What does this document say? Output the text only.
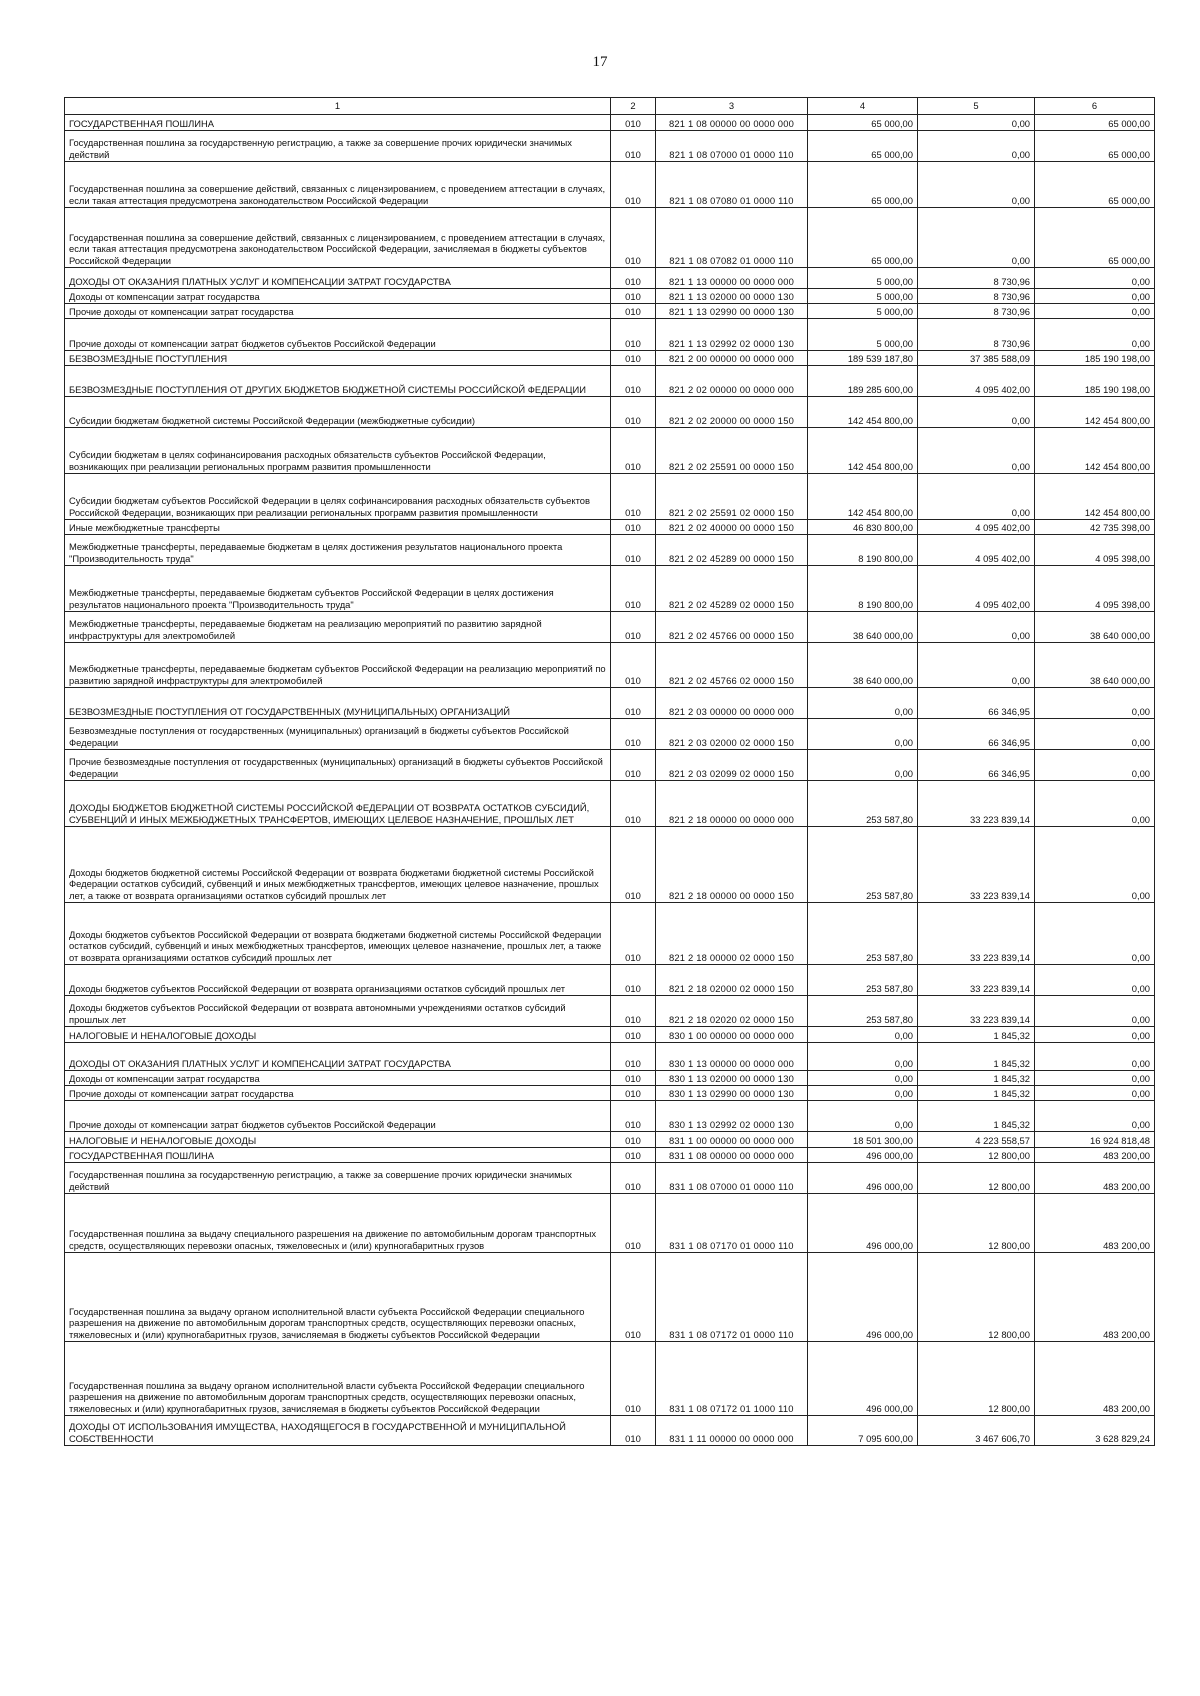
17
1	2	3	4	5	6
ГОСУДАРСТВЕННАЯ ПОШЛИНА	010	821 1 08 00000 00 0000 000	65 000,00	0,00	65 000,00
Государственная пошлина за государственную регистрацию, а также за совершение прочих юридически значимых действий	010	821 1 08 07000 01 0000 110	65 000,00	0,00	65 000,00
Государственная пошлина за совершение действий, связанных с лицензированием, с проведением аттестации в случаях, если такая аттестация предусмотрена законодательством Российской Федерации	010	821 1 08 07080 01 0000 110	65 000,00	0,00	65 000,00
Государственная пошлина за совершение действий, связанных с лицензированием, с проведением аттестации в случаях, если такая аттестация предусмотрена законодательством Российской Федерации, зачисляемая в бюджеты субъектов Российской Федерации	010	821 1 08 07082 01 0000 110	65 000,00	0,00	65 000,00
ДОХОДЫ ОТ ОКАЗАНИЯ ПЛАТНЫХ УСЛУГ И КОМПЕНСАЦИИ ЗАТРАТ ГОСУДАРСТВА	010	821 1 13 00000 00 0000 000	5 000,00	8 730,96	0,00
Доходы от компенсации затрат государства	010	821 1 13 02000 00 0000 130	5 000,00	8 730,96	0,00
Прочие доходы от компенсации затрат государства	010	821 1 13 02990 00 0000 130	5 000,00	8 730,96	0,00
Прочие доходы от компенсации затрат бюджетов субъектов Российской Федерации	010	821 1 13 02992 02 0000 130	5 000,00	8 730,96	0,00
БЕЗВОЗМЕЗДНЫЕ ПОСТУПЛЕНИЯ	010	821 2 00 00000 00 0000 000	189 539 187,80	37 385 588,09	185 190 198,00
БЕЗВОЗМЕЗДНЫЕ ПОСТУПЛЕНИЯ ОТ ДРУГИХ БЮДЖЕТОВ БЮДЖЕТНОЙ СИСТЕМЫ РОССИЙСКОЙ ФЕДЕРАЦИИ	010	821 2 02 00000 00 0000 000	189 285 600,00	4 095 402,00	185 190 198,00
Субсидии бюджетам бюджетной системы Российской Федерации (межбюджетные субсидии)	010	821 2 02 20000 00 0000 150	142 454 800,00	0,00	142 454 800,00
Субсидии бюджетам в целях софинансирования расходных обязательств субъектов Российской Федерации, возникающих при реализации региональных программ развития промышленности	010	821 2 02 25591 00 0000 150	142 454 800,00	0,00	142 454 800,00
Субсидии бюджетам субъектов Российской Федерации в целях софинансирования расходных обязательств субъектов Российской Федерации, возникающих при реализации региональных программ развития промышленности	010	821 2 02 25591 02 0000 150	142 454 800,00	0,00	142 454 800,00
Иные межбюджетные трансферты	010	821 2 02 40000 00 0000 150	46 830 800,00	4 095 402,00	42 735 398,00
Межбюджетные трансферты, передаваемые бюджетам в целях достижения результатов национального проекта "Производительность труда"	010	821 2 02 45289 00 0000 150	8 190 800,00	4 095 402,00	4 095 398,00
Межбюджетные трансферты, передаваемые бюджетам субъектов Российской Федерации в целях достижения результатов национального проекта "Производительность труда"	010	821 2 02 45289 02 0000 150	8 190 800,00	4 095 402,00	4 095 398,00
Межбюджетные трансферты, передаваемые бюджетам на реализацию мероприятий по развитию зарядной инфраструктуры для электромобилей	010	821 2 02 45766 00 0000 150	38 640 000,00	0,00	38 640 000,00
Межбюджетные трансферты, передаваемые бюджетам субъектов Российской Федерации на реализацию мероприятий по развитию зарядной инфраструктуры для электромобилей	010	821 2 02 45766 02 0000 150	38 640 000,00	0,00	38 640 000,00
БЕЗВОЗМЕЗДНЫЕ ПОСТУПЛЕНИЯ ОТ ГОСУДАРСТВЕННЫХ (МУНИЦИПАЛЬНЫХ) ОРГАНИЗАЦИЙ	010	821 2 03 00000 00 0000 000	0,00	66 346,95	0,00
Безвозмездные поступления от государственных (муниципальных) организаций в бюджеты субъектов Российской Федерации	010	821 2 03 02000 02 0000 150	0,00	66 346,95	0,00
Прочие безвозмездные поступления от государственных (муниципальных) организаций в бюджеты субъектов Российской Федерации	010	821 2 03 02099 02 0000 150	0,00	66 346,95	0,00
ДОХОДЫ БЮДЖЕТОВ БЮДЖЕТНОЙ СИСТЕМЫ РОССИЙСКОЙ ФЕДЕРАЦИИ ОТ ВОЗВРАТА ОСТАТКОВ СУБСИДИЙ, СУБВЕНЦИЙ И ИНЫХ МЕЖБЮДЖЕТНЫХ ТРАНСФЕРТОВ, ИМЕЮЩИХ ЦЕЛЕВОЕ НАЗНАЧЕНИЕ, ПРОШЛЫХ ЛЕТ	010	821 2 18 00000 00 0000 000	253 587,80	33 223 839,14	0,00
Доходы бюджетов бюджетной системы Российской Федерации от возврата бюджетами бюджетной системы Российской Федерации остатков субсидий, субвенций и иных межбюджетных трансфертов, имеющих целевое назначение, прошлых лет, а также от возврата организациями остатков субсидий прошлых лет	010	821 2 18 00000 00 0000 150	253 587,80	33 223 839,14	0,00
Доходы бюджетов субъектов Российской Федерации от возврата бюджетами бюджетной системы Российской Федерации остатков субсидий, субвенций и иных межбюджетных трансфертов, имеющих целевое назначение, прошлых лет, а также от возврата организациями остатков субсидий прошлых лет	010	821 2 18 00000 02 0000 150	253 587,80	33 223 839,14	0,00
Доходы бюджетов субъектов Российской Федерации от возврата организациями остатков субсидий прошлых лет	010	821 2 18 02000 02 0000 150	253 587,80	33 223 839,14	0,00
Доходы бюджетов субъектов Российской Федерации от возврата автономными учреждениями остатков субсидий прошлых лет	010	821 2 18 02020 02 0000 150	253 587,80	33 223 839,14	0,00
НАЛОГОВЫЕ И НЕНАЛОГОВЫЕ ДОХОДЫ	010	830 1 00 00000 00 0000 000	0,00	1 845,32	0,00
ДОХОДЫ ОТ ОКАЗАНИЯ ПЛАТНЫХ УСЛУГ И КОМПЕНСАЦИИ ЗАТРАТ ГОСУДАРСТВА	010	830 1 13 00000 00 0000 000	0,00	1 845,32	0,00
Доходы от компенсации затрат государства	010	830 1 13 02000 00 0000 130	0,00	1 845,32	0,00
Прочие доходы от компенсации затрат государства	010	830 1 13 02990 00 0000 130	0,00	1 845,32	0,00
Прочие доходы от компенсации затрат бюджетов субъектов Российской Федерации	010	830 1 13 02992 02 0000 130	0,00	1 845,32	0,00
НАЛОГОВЫЕ И НЕНАЛОГОВЫЕ ДОХОДЫ	010	831 1 00 00000 00 0000 000	18 501 300,00	4 223 558,57	16 924 818,48
ГОСУДАРСТВЕННАЯ ПОШЛИНА	010	831 1 08 00000 00 0000 000	496 000,00	12 800,00	483 200,00
Государственная пошлина за государственную регистрацию, а также за совершение прочих юридически значимых действий	010	831 1 08 07000 01 0000 110	496 000,00	12 800,00	483 200,00
Государственная пошлина за выдачу специального разрешения на движение по автомобильным дорогам транспортных средств, осуществляющих перевозки опасных, тяжеловесных и (или) крупногабаритных грузов	010	831 1 08 07170 01 0000 110	496 000,00	12 800,00	483 200,00
Государственная пошлина за выдачу органом исполнительной власти субъекта Российской Федерации специального разрешения на движение по автомобильным дорогам транспортных средств, осуществляющих перевозки опасных, тяжеловесных и (или) крупногабаритных грузов, зачисляемая в бюджеты субъектов Российской Федерации	010	831 1 08 07172 01 0000 110	496 000,00	12 800,00	483 200,00
Государственная пошлина за выдачу органом исполнительной власти субъекта Российской Федерации специального разрешения на движение по автомобильным дорогам транспортных средств, осуществляющих перевозки опасных, тяжеловесных и (или) крупногабаритных грузов, зачисляемая в бюджеты субъектов Российской Федерации	010	831 1 08 07172 01 1000 110	496 000,00	12 800,00	483 200,00
ДОХОДЫ ОТ ИСПОЛЬЗОВАНИЯ ИМУЩЕСТВА, НАХОДЯЩЕГОСЯ В ГОСУДАРСТВЕННОЙ И МУНИЦИПАЛЬНОЙ СОБСТВЕННОСТИ	010	831 1 11 00000 00 0000 000	7 095 600,00	3 467 606,70	3 628 829,24
